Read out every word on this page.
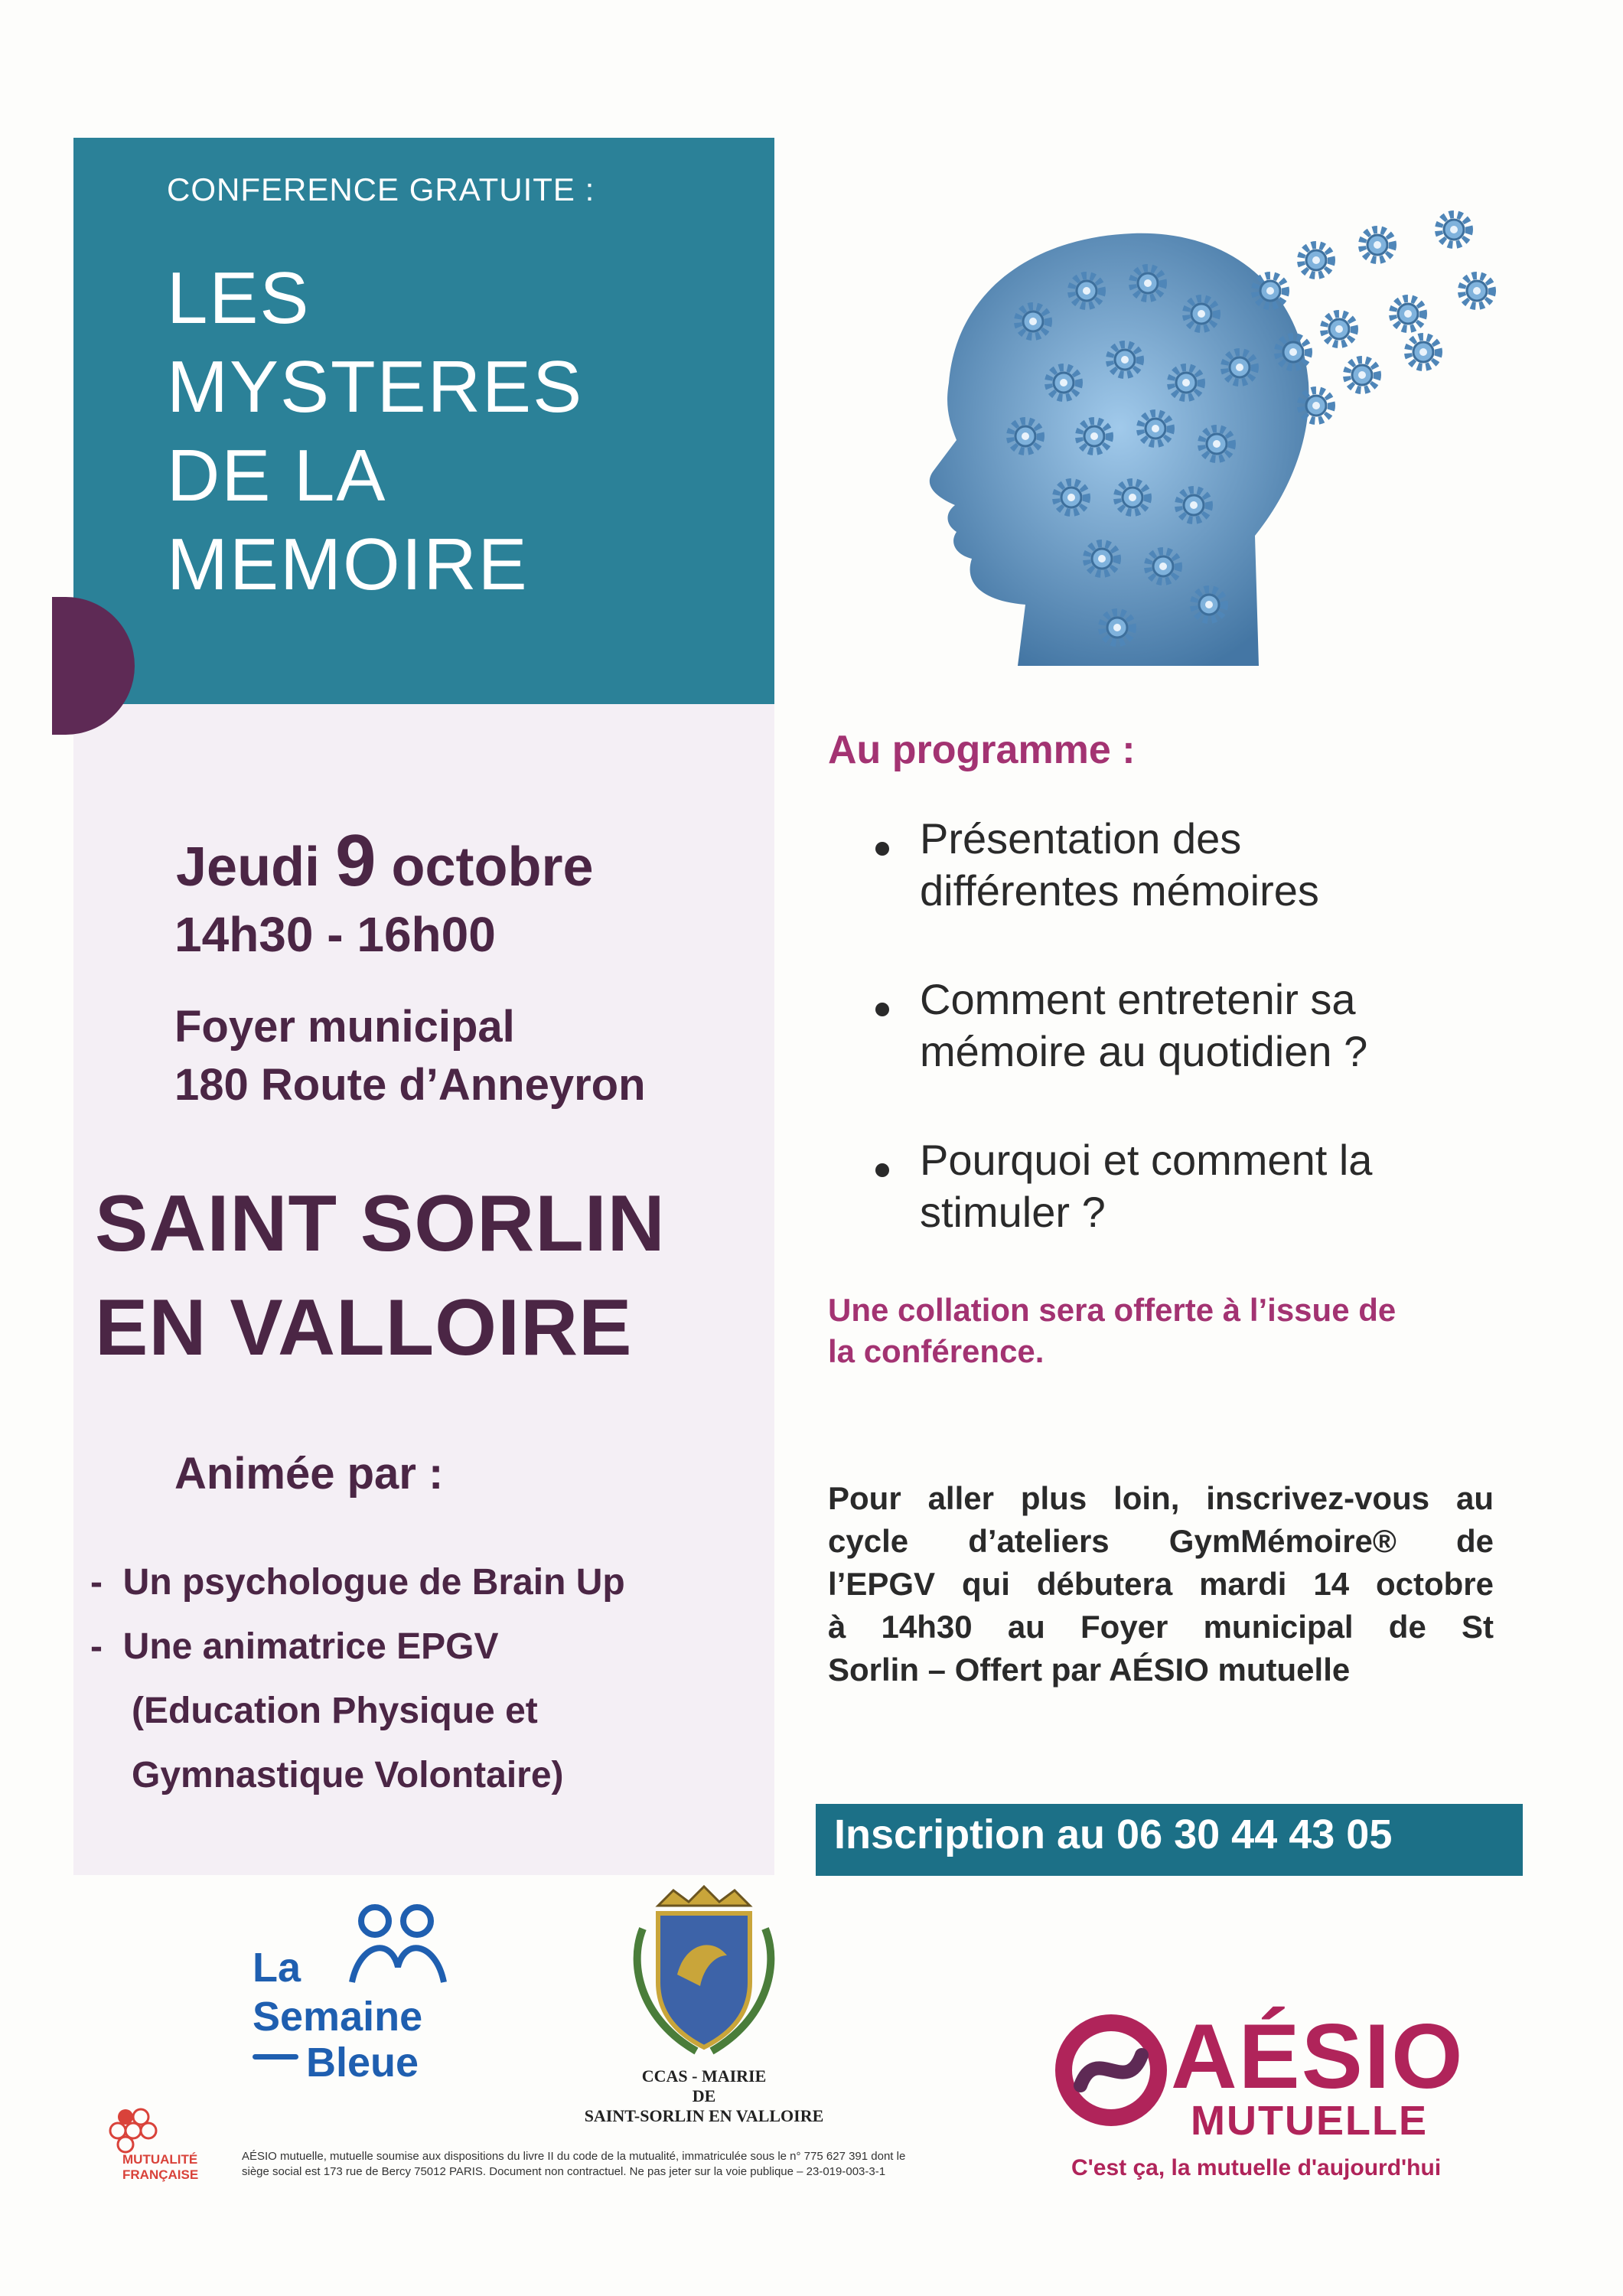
CONFERENCE GRATUITE :
LES
MYSTERES
DE LA
MEMOIRE
Jeudi 9 octobre
14h30 - 16h00
Foyer municipal
180 Route d’Anneyron
SAINT SORLIN
EN VALLOIRE
Animée par :
-  Un psychologue de Brain Up
-  Une animatrice EPGV
(Education Physique et
Gymnastique Volontaire)
Au programme :
Présentation des
différentes mémoires
Comment entretenir sa
mémoire au quotidien ?
Pourquoi et comment la
stimuler ?
Une collation sera offerte à l’issue de
la conférence.
Pour aller plus loin, inscrivez-vous au
cycle d’ateliers GymMémoire® de
l’EPGV qui débutera mardi 14 octobre
à 14h30 au Foyer municipal de St
Sorlin – Offert par AÉSIO mutuelle
Inscription au 06 30 44 43 05
La
Semaine
Bleue	CCAS - MAIRIE
DE
SAINT-SORLIN EN VALLOIRE
AÉSIO
MUTUELLE
C'est ça, la mutuelle d'aujourd'hui
MUTUALITÉ
FRANÇAISE
AÉSIO mutuelle, mutuelle soumise aux dispositions du livre II du code de la mutualité, immatriculée sous le n° 775 627 391 dont le
siège social est 173 rue de Bercy 75012 PARIS. Document non contractuel. Ne pas jeter sur la voie publique – 23-019-003-3-1
